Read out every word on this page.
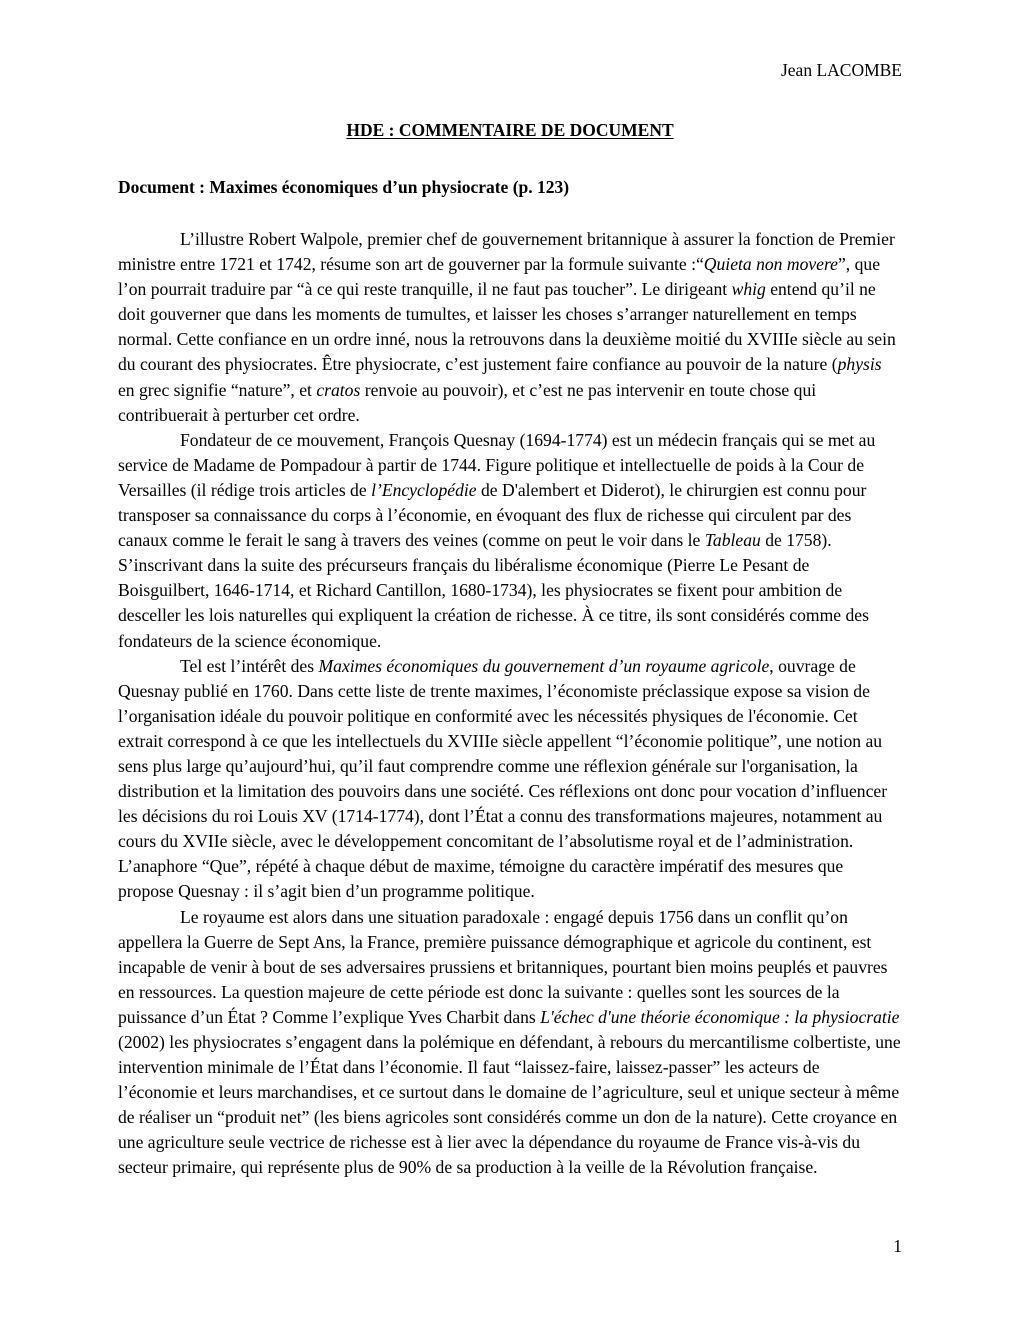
Jean LACOMBE
HDE : COMMENTAIRE DE DOCUMENT
Document : Maximes économiques d’un physiocrate (p. 123)

L’illustre Robert Walpole, premier chef de gouvernement britannique à assurer la fonction de Premier ministre entre 1721 et 1742, résume son art de gouverner par la formule suivante :“Quieta non movere”, que l’on pourrait traduire par “à ce qui reste tranquille, il ne faut pas toucher”. Le dirigeant whig entend qu’il ne doit gouverner que dans les moments de tumultes, et laisser les choses s’arranger naturellement en temps normal. Cette confiance en un ordre inné, nous la retrouvons dans la deuxième moitié du XVIIIe siècle au sein du courant des physiocrates. Être physiocrate, c’est justement faire confiance au pouvoir de la nature (physis en grec signifie “nature”, et cratos renvoie au pouvoir), et c’est ne pas intervenir en toute chose qui contribuerait à perturber cet ordre.

Fondateur de ce mouvement, François Quesnay (1694-1774) est un médecin français qui se met au service de Madame de Pompadour à partir de 1744. Figure politique et intellectuelle de poids à la Cour de Versailles (il rédige trois articles de l’Encyclopédie de D'alembert et Diderot), le chirurgien est connu pour transposer sa connaissance du corps à l’économie, en évoquant des flux de richesse qui circulent par des canaux comme le ferait le sang à travers des veines (comme on peut le voir dans le Tableau de 1758). S’inscrivant dans la suite des précurseurs français du libéralisme économique (Pierre Le Pesant de Boisguilbert, 1646-1714, et Richard Cantillon, 1680-1734), les physiocrates se fixent pour ambition de desceller les lois naturelles qui expliquent la création de richesse. À ce titre, ils sont considérés comme des fondateurs de la science économique.

Tel est l’intérêt des Maximes économiques du gouvernement d’un royaume agricole, ouvrage de Quesnay publié en 1760. Dans cette liste de trente maximes, l’économiste préclassique expose sa vision de l’organisation idéale du pouvoir politique en conformité avec les nécessités physiques de l'économie. Cet extrait correspond à ce que les intellectuels du XVIIIe siècle appellent “l’économie politique”, une notion au sens plus large qu’aujourd’hui, qu’il faut comprendre comme une réflexion générale sur l'organisation, la distribution et la limitation des pouvoirs dans une société. Ces réflexions ont donc pour vocation d’influencer les décisions du roi Louis XV (1714-1774), dont l’État a connu des transformations majeures, notamment au cours du XVIIe siècle, avec le développement concomitant de l’absolutisme royal et de l’administration. L’anaphore “Que”, répété à chaque début de maxime, témoigne du caractère impératif des mesures que propose Quesnay : il s’agit bien d’un programme politique.

Le royaume est alors dans une situation paradoxale : engagé depuis 1756 dans un conflit qu’on appellera la Guerre de Sept Ans, la France, première puissance démographique et agricole du continent, est incapable de venir à bout de ses adversaires prussiens et britanniques, pourtant bien moins peuplés et pauvres en ressources. La question majeure de cette période est donc la suivante : quelles sont les sources de la puissance d’un État ? Comme l’explique Yves Charbit dans L'échec d'une théorie économique : la physiocratie (2002) les physiocrates s’engagent dans la polémique en défendant, à rebours du mercantilisme colbertiste, une intervention minimale de l’État dans l’économie. Il faut “laissez-faire, laissez-passer” les acteurs de l’économie et leurs marchandises, et ce surtout dans le domaine de l’agriculture, seul et unique secteur à même de réaliser un “produit net” (les biens agricoles sont considérés comme un don de la nature). Cette croyance en une agriculture seule vectrice de richesse est à lier avec la dépendance du royaume de France vis-à-vis du secteur primaire, qui représente plus de 90% de sa production à la veille de la Révolution française.

1
